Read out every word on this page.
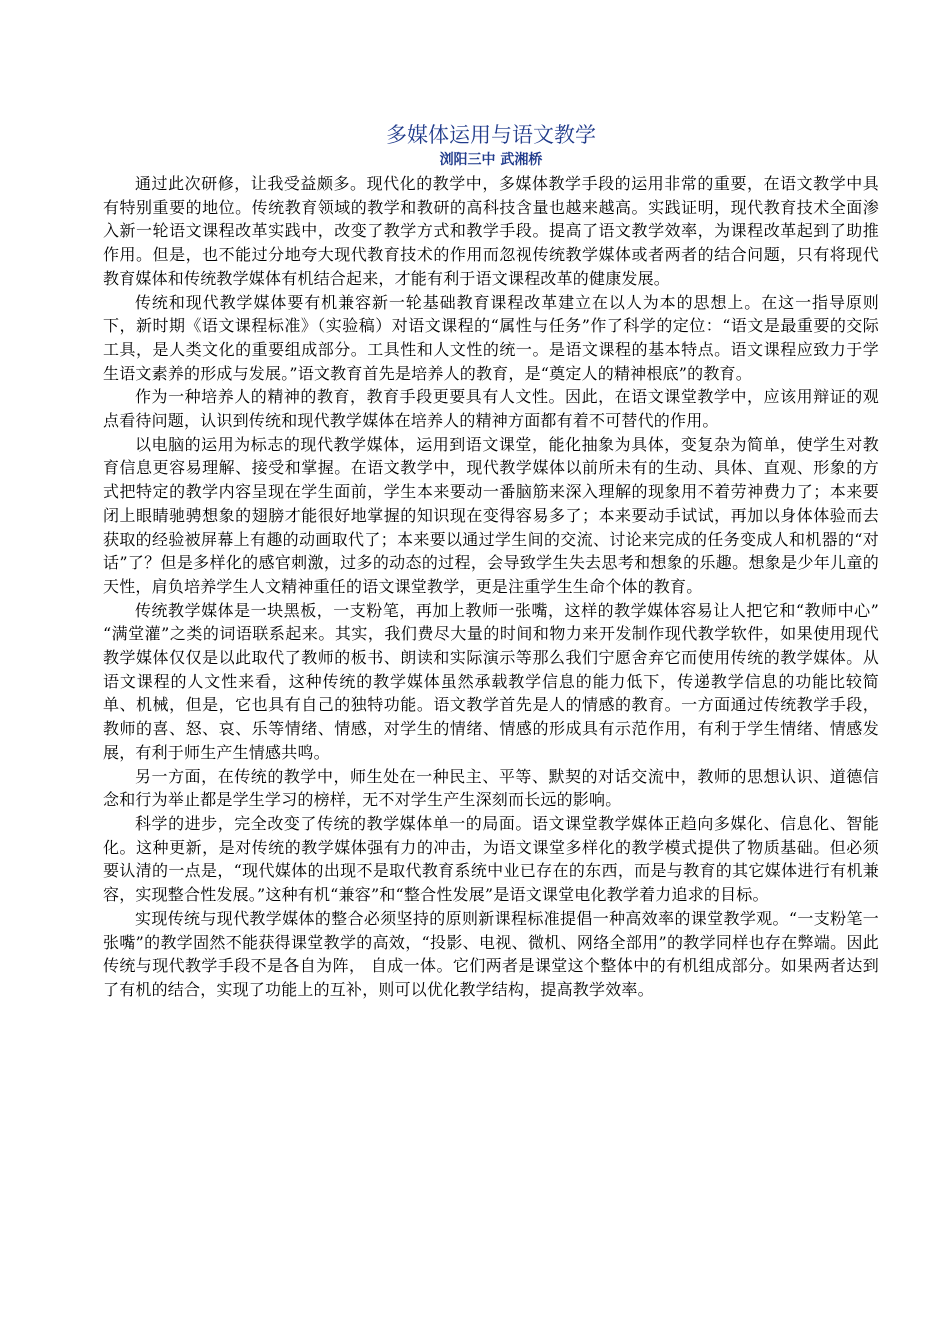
多媒体运用与语文教学
浏阳三中 武湘桥

通过此次研修，让我受益颇多。现代化的教学中，多媒体教学手段的运用非常的重要，在语文教学中具有特别重要的地位。传统教育领域的教学和教研的高科技含量也越来越高。实践证明，现代教育技术全面渗入新一轮语文课程改革实践中，改变了教学方式和教学手段。提高了语文教学效率，为课程改革起到了助推作用。但是，也不能过分地夸大现代教育技术的作用而忽视传统教学媒体或者两者的结合问题，只有将现代教育媒体和传统教学媒体有机结合起来，才能有利于语文课程改革的健康发展。

传统和现代教学媒体要有机兼容新一轮基础教育课程改革建立在以人为本的思想上。在这一指导原则下，新时期《语文课程标准》（实验稿）对语文课程的“属性与任务”作了科学的定位：“语文是最重要的交际工具，是人类文化的重要组成部分。工具性和人文性的统一。是语文课程的基本特点。语文课程应致力于学生语文素养的形成与发展。”语文教育首先是培养人的教育，是“奠定人的精神根底”的教育。

作为一种培养人的精神的教育，教育手段更要具有人文性。因此，在语文课堂教学中，应该用辩证的观点看待问题，认识到传统和现代教学媒体在培养人的精神方面都有着不可替代的作用。

以电脑的运用为标志的现代教学媒体，运用到语文课堂，能化抽象为具体，变复杂为简单，使学生对教育信息更容易理解、接受和掌握。在语文教学中，现代教学媒体以前所未有的生动、具体、直观、形象的方式把特定的教学内容呈现在学生面前，学生本来要动一番脑筋来深入理解的现象用不着劳神费力了；本来要闭上眼睛驰骋想象的翅膀才能很好地掌握的知识现在变得容易多了；本来要动手试试，再加以身体体验而去获取的经验被屏幕上有趣的动画取代了；本来要以通过学生间的交流、讨论来完成的任务变成人和机器的“对话”了？但是多样化的感官刺激，过多的动态的过程，会导致学生失去思考和想象的乐趣。想象是少年儿童的天性，肩负培养学生人文精神重任的语文课堂教学，更是注重学生生命个体的教育。

传统教学媒体是一块黑板，一支粉笔，再加上教师一张嘴，这样的教学媒体容易让人把它和“教师中心” “满堂灌”之类的词语联系起来。其实，我们费尽大量的时间和物力来开发制作现代教学软件，如果使用现代教学媒体仅仅是以此取代了教师的板书、朗读和实际演示等那么我们宁愿舍弃它而使用传统的教学媒体。从语文课程的人文性来看，这种传统的教学媒体虽然承载教学信息的能力低下，传递教学信息的功能比较简单、机械，但是，它也具有自己的独特功能。语文教学首先是人的情感的教育。一方面通过传统教学手段，教师的喜、怒、哀、乐等情绪、情感，对学生的情绪、情感的形成具有示范作用，有利于学生情绪、情感发展，有利于师生产生情感共鸣。

另一方面，在传统的教学中，师生处在一种民主、平等、默契的对话交流中，教师的思想认识、道德信念和行为举止都是学生学习的榜样，无不对学生产生深刻而长远的影响。

科学的进步，完全改变了传统的教学媒体单一的局面。语文课堂教学媒体正趋向多媒化、信息化、智能化。这种更新，是对传统的教学媒体强有力的冲击，为语文课堂多样化的教学模式提供了物质基础。但必须要认清的一点是，“现代媒体的出现不是取代教育系统中业已存在的东西，而是与教育的其它媒体进行有机兼容，实现整合性发展。”这种有机“兼容”和“整合性发展”是语文课堂电化教学着力追求的目标。

实现传统与现代教学媒体的整合必须坚持的原则新课程标准提倡一种高效率的课堂教学观。“一支粉笔一张嘴”的教学固然不能获得课堂教学的高效，“投影、电视、微机、网络全部用”的教学同样也存在弊端。因此传统与现代教学手段不是各自为阵， 自成一体。它们两者是课堂这个整体中的有机组成部分。如果两者达到了有机的结合，实现了功能上的互补，则可以优化教学结构，提高教学效率。
